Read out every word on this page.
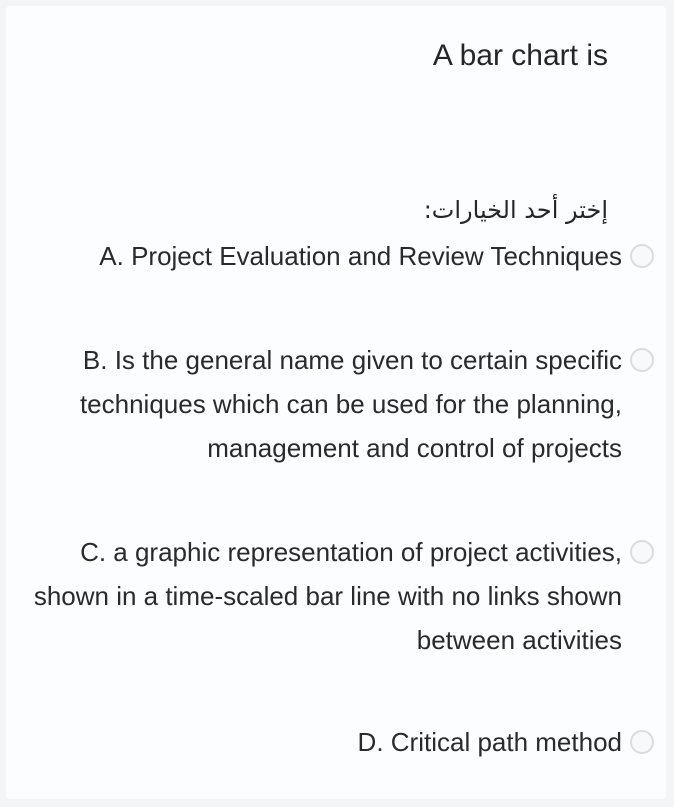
A bar chart is
إختر أحد الخيارات:
A. Project Evaluation and Review Techniques
B. Is the general name given to certain specific techniques which can be used for the planning, management and control of projects
C. a graphic representation of project activities, shown in a time-scaled bar line with no links shown between activities
D. Critical path method
